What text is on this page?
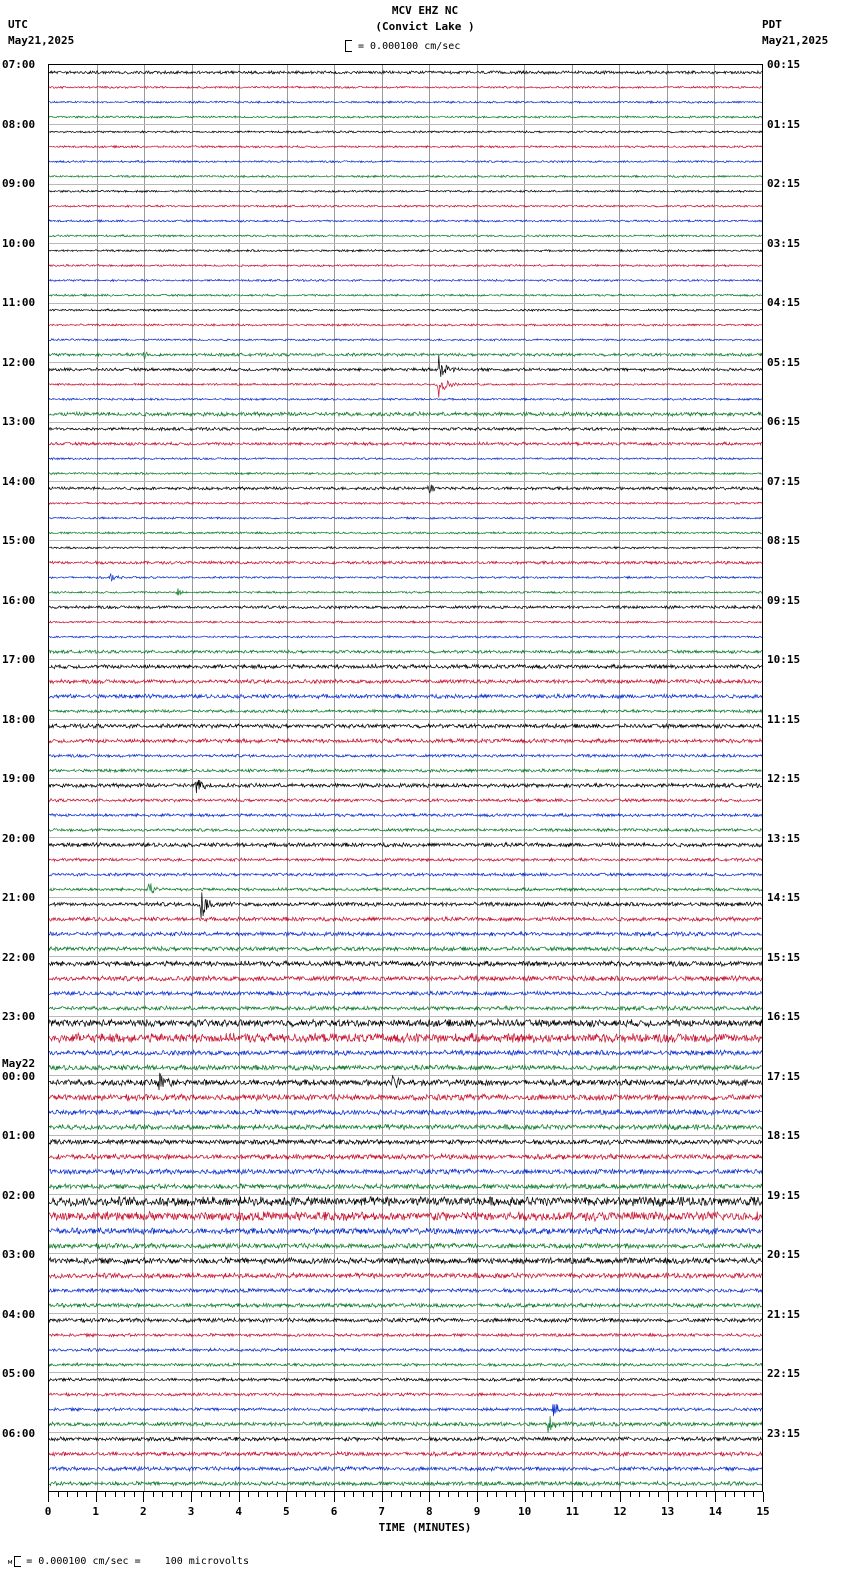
UTC
May21,2025
PDT
May21,2025
MCV EHZ NC
(Convict Lake )
= 0.000100 cm/sec
07:00
08:00
09:00
10:00
11:00
12:00
13:00
14:00
15:00
16:00
17:00
18:00
19:00
20:00
21:00
22:00
23:00
May22
00:00
01:00
02:00
03:00
04:00
05:00
06:00
00:15
01:15
02:15
03:15
04:15
05:15
06:15
07:15
08:15
09:15
10:15
11:15
12:15
13:15
14:15
15:15
16:15
17:15
18:15
19:15
20:15
21:15
22:15
23:15
0	1	2	3	4	5	6	7	8	9	10	11	12	13	14	15
TIME (MINUTES)
м = 0.000100 cm/sec =    100 microvolts
